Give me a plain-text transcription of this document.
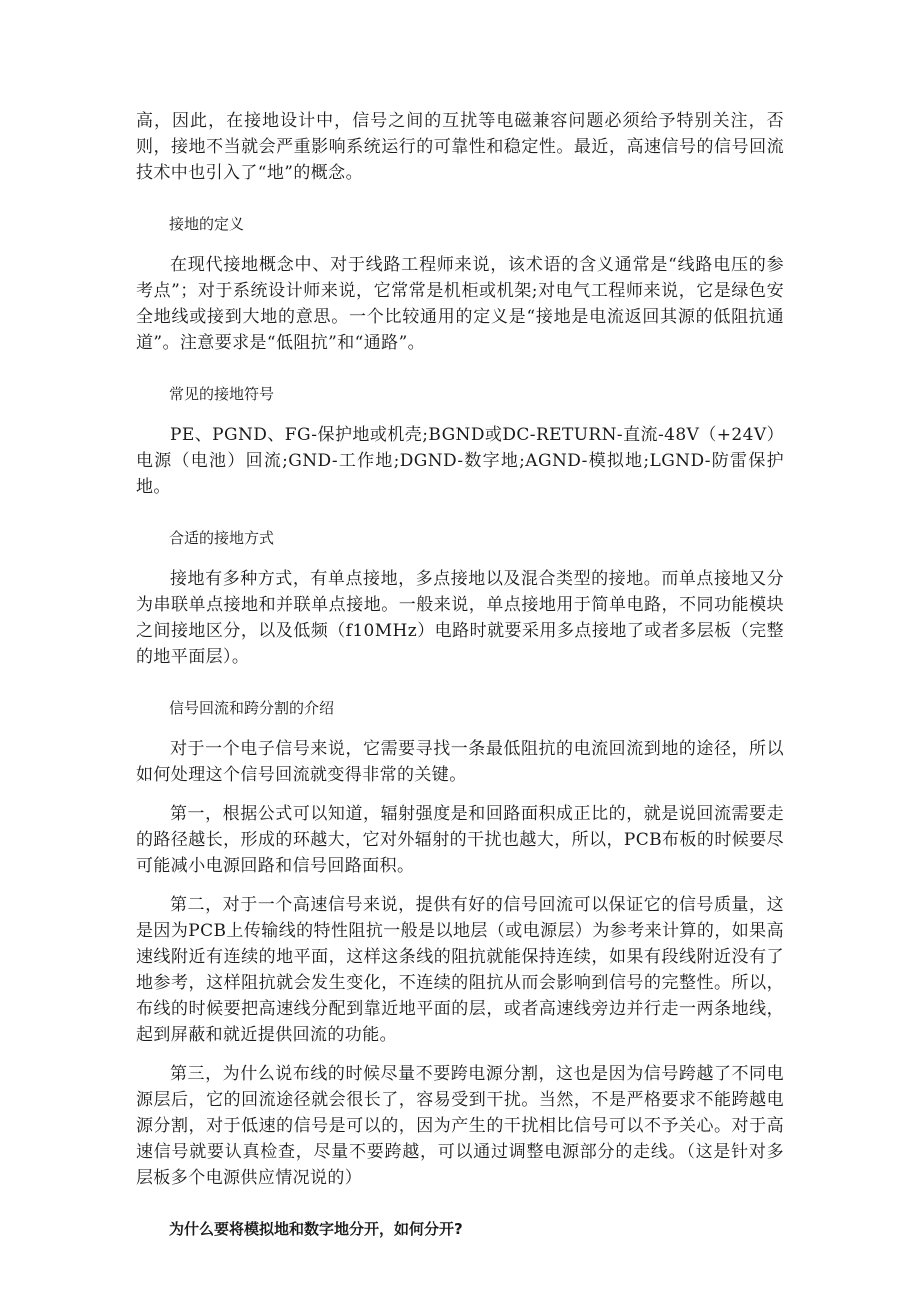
高，因此，在接地设计中，信号之间的互扰等电磁兼容问题必须给予特别关注，否则，接地不当就会严重影响系统运行的可靠性和稳定性。最近，高速信号的信号回流技术中也引入了“地”的概念。

接地的定义

在现代接地概念中、对于线路工程师来说，该术语的含义通常是“线路电压的参考点”；对于系统设计师来说，它常常是机柜或机架;对电气工程师来说，它是绿色安全地线或接到大地的意思。一个比较通用的定义是“接地是电流返回其源的低阻抗通道”。注意要求是“低阻抗”和“通路”。

常见的接地符号

PE、PGND、FG-保护地或机壳;BGND或DC-RETURN-直流-48V（+24V）电源（电池）回流;GND-工作地;DGND-数字地;AGND-模拟地;LGND-防雷保护地。

合适的接地方式

接地有多种方式，有单点接地，多点接地以及混合类型的接地。而单点接地又分为串联单点接地和并联单点接地。一般来说，单点接地用于简单电路，不同功能模块之间接地区分，以及低频（f10MHz）电路时就要采用多点接地了或者多层板（完整的地平面层）。

信号回流和跨分割的介绍

对于一个电子信号来说，它需要寻找一条最低阻抗的电流回流到地的途径，所以如何处理这个信号回流就变得非常的关键。

第一，根据公式可以知道，辐射强度是和回路面积成正比的，就是说回流需要走的路径越长，形成的环越大，它对外辐射的干扰也越大，所以，PCB布板的时候要尽可能减小电源回路和信号回路面积。

第二，对于一个高速信号来说，提供有好的信号回流可以保证它的信号质量，这是因为PCB上传输线的特性阻抗一般是以地层（或电源层）为参考来计算的，如果高速线附近有连续的地平面，这样这条线的阻抗就能保持连续，如果有段线附近没有了地参考，这样阻抗就会发生变化，不连续的阻抗从而会影响到信号的完整性。所以，布线的时候要把高速线分配到靠近地平面的层，或者高速线旁边并行走一两条地线，起到屏蔽和就近提供回流的功能。

第三，为什么说布线的时候尽量不要跨电源分割，这也是因为信号跨越了不同电源层后，它的回流途径就会很长了，容易受到干扰。当然，不是严格要求不能跨越电源分割，对于低速的信号是可以的，因为产生的干扰相比信号可以不予关心。对于高速信号就要认真检查，尽量不要跨越，可以通过调整电源部分的走线。（这是针对多层板多个电源供应情况说的）

为什么要将模拟地和数字地分开，如何分开?
